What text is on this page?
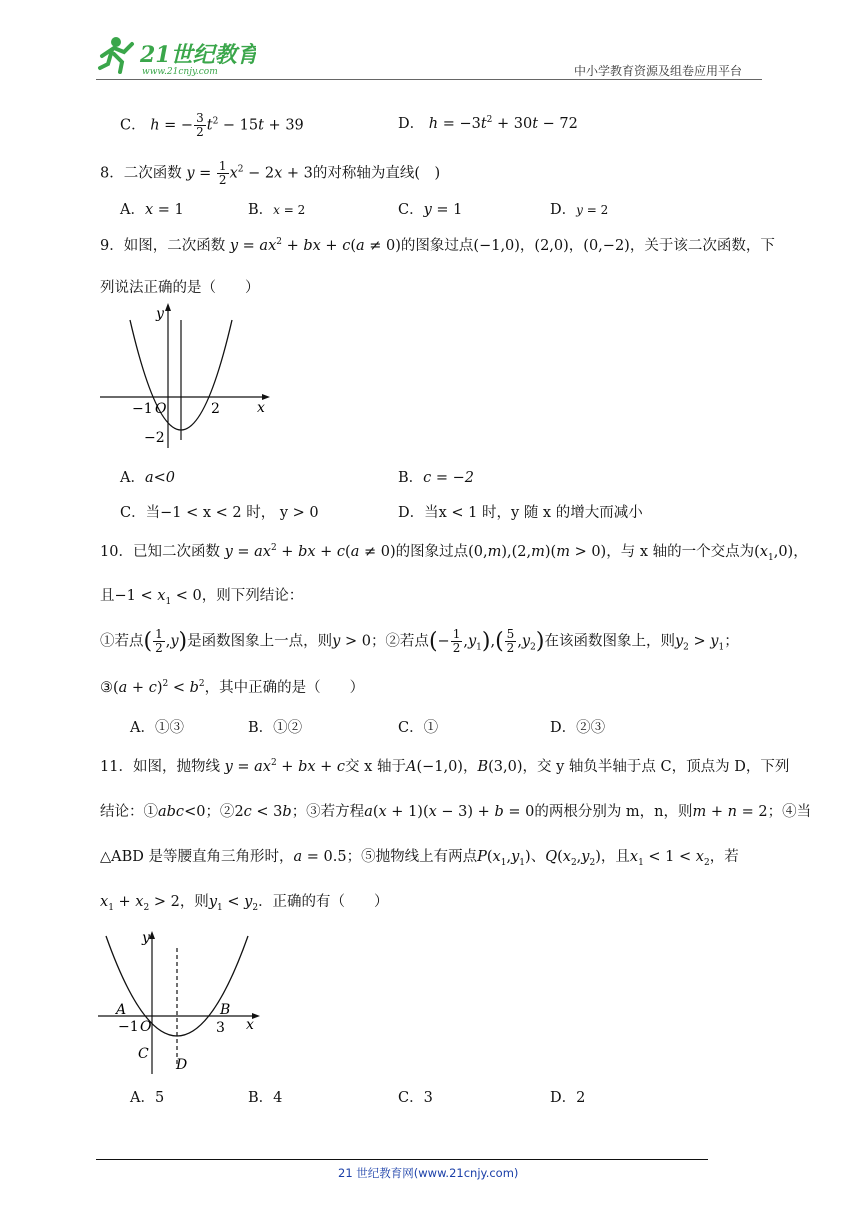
21世纪教育
www.21cnjy.com	中小学教育资源及组卷应用平台
C． h = − $\frac{3}{2} t^2 - 15t + 39$	D． $h = -3t^2 + 30t - 72$
8．二次函数 $y = \frac{1}{2} x^2 - 2x + 3$的对称轴为直线(　)
A．x = 1	B．x = 2	C．y = 1	D．y = 2
9．如图，二次函数 $y = ax^2$ + bx + c(a ≠ 0)的图象过点(−1,0)，(2,0)，(0,−2)，关于该二次函数，下
列说法正确的是（　　）
y
x
−1 O	2
−2
A．a<0	B．c = −2
C．当−1 < x < 2 时， y > 0	D．当x < 1 时，y 随 x 的增大而减小
10．已知二次函数 $y = ax^2$ + bx + c(a ≠ 0)的图象过点(0,m),(2,m)(m > 0)，与 x 轴的一个交点为$(x_1,0)$，
且$-1 < x_1 < 0$，则下列结论：
①若点( $\frac{1}{2} ,y$)是函数图象上一点，则y > 0；②若点(− $\frac{1}{2} ,y_1),( \frac{5}{2} ,y_2)$在该函数图象上，则$y_2 > y_1$；
③(a + $c)^2 < b^2$，其中正确的是（　　）
A．①③	B．①②	C．①	D．②③
11．如图，抛物线 $y = ax^2$ + bx + c交 x 轴于A(−1,0)，B(3,0)，交 y 轴负半轴于点 C，顶点为 D，下列
结论：①abc<0；②2c < 3b；③若方程a(x + 1)(x − 3) + b = 0的两根分别为 m，n，则m + n = 2；④当
△ABD 是等腰直角三角形时，a = 0.5；⑤抛物线上有两点$P(x_1,y_1)$、$Q(x_2,y_2)$，且$x_1 < 1 < x_2$，若
$x_1 + x_2 > 2$，则$y_1 < y_2$．正确的有（　　）
y
x
A	B
−1 O	3
C
D
A．5	B．4	C．3	D．2
21 世纪教育网(www.21cnjy.com)
